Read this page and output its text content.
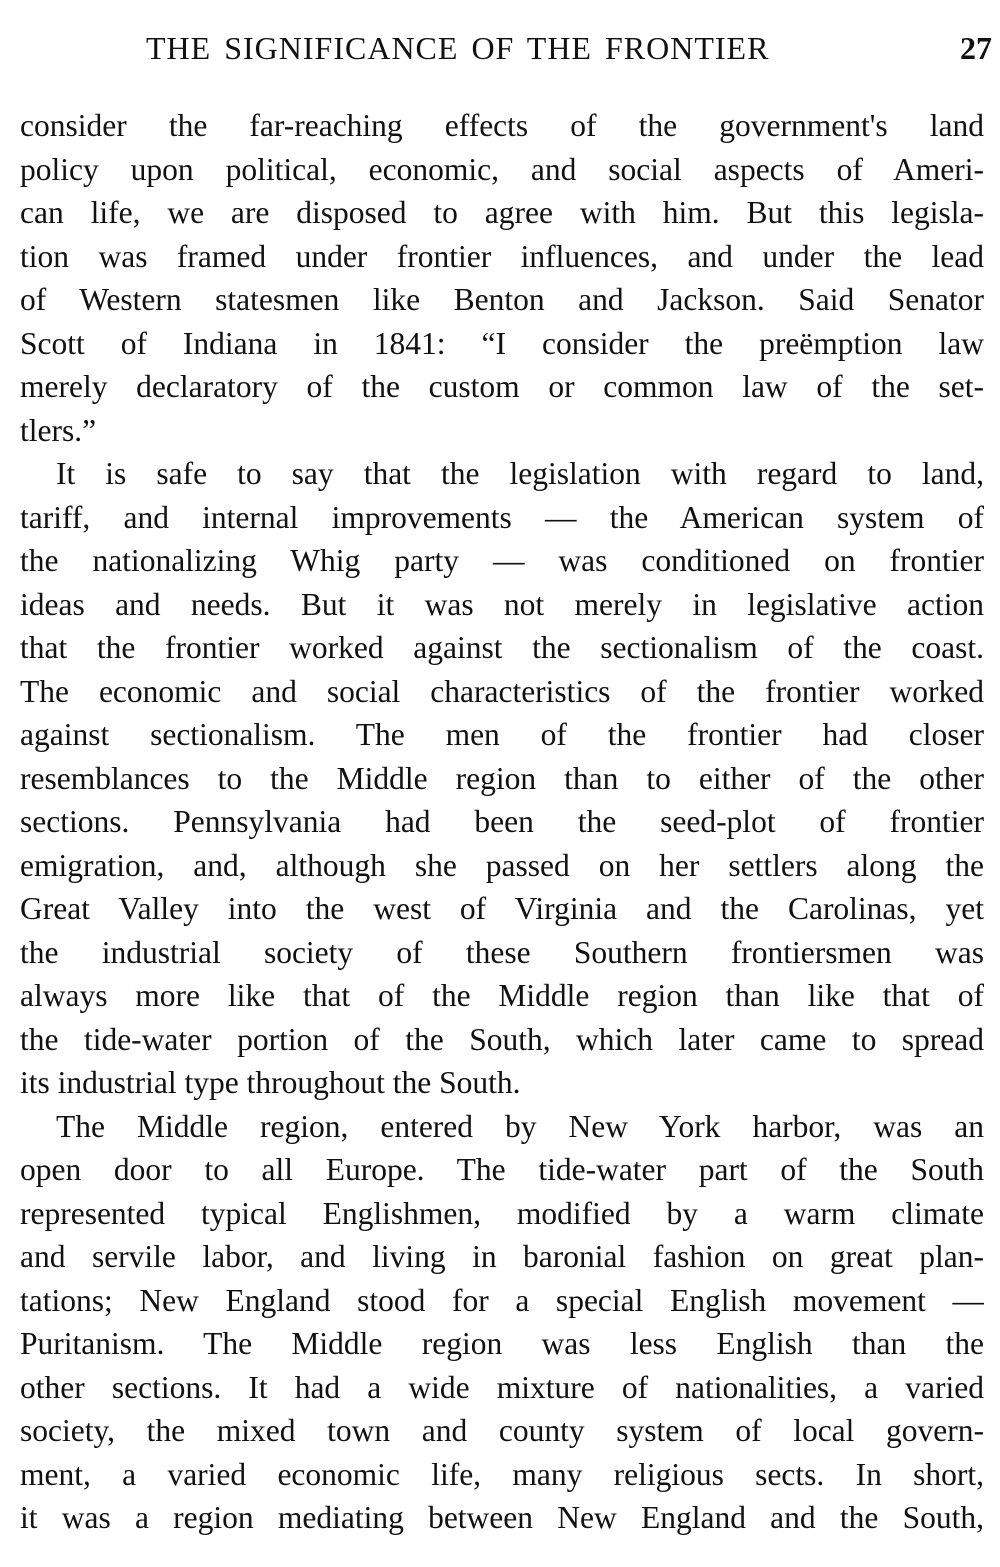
THE SIGNIFICANCE OF THE FRONTIER	27
consider the far-reaching effects of the government's land
policy upon political, economic, and social aspects of Ameri-
can life, we are disposed to agree with him. But this legisla-
tion was framed under frontier influences, and under the lead
of Western statesmen like Benton and Jackson. Said Senator
Scott of Indiana in 1841: “I consider the preëmption law
merely declaratory of the custom or common law of the set-
tlers.”
It is safe to say that the legislation with regard to land,
tariff, and internal improvements — the American system of
the nationalizing Whig party — was conditioned on frontier
ideas and needs. But it was not merely in legislative action
that the frontier worked against the sectionalism of the coast.
The economic and social characteristics of the frontier worked
against sectionalism. The men of the frontier had closer
resemblances to the Middle region than to either of the other
sections. Pennsylvania had been the seed-plot of frontier
emigration, and, although she passed on her settlers along the
Great Valley into the west of Virginia and the Carolinas, yet
the industrial society of these Southern frontiersmen was
always more like that of the Middle region than like that of
the tide-water portion of the South, which later came to spread
its industrial type throughout the South.
The Middle region, entered by New York harbor, was an
open door to all Europe. The tide-water part of the South
represented typical Englishmen, modified by a warm climate
and servile labor, and living in baronial fashion on great plan-
tations; New England stood for a special English movement —
Puritanism. The Middle region was less English than the
other sections. It had a wide mixture of nationalities, a varied
society, the mixed town and county system of local govern-
ment, a varied economic life, many religious sects. In short,
it was a region mediating between New England and the South,
